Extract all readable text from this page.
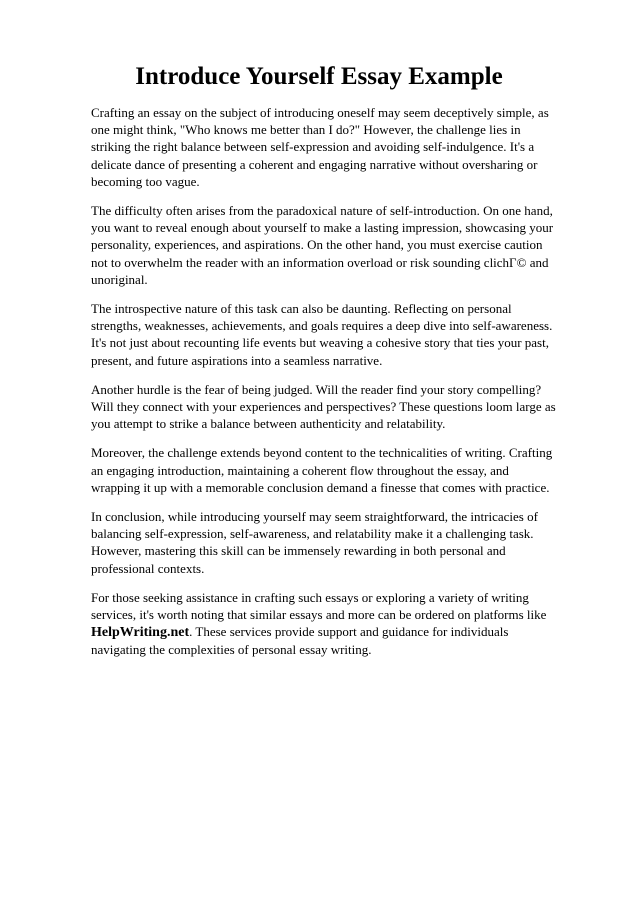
Introduce Yourself Essay Example

Crafting an essay on the subject of introducing oneself may seem deceptively simple, as one might think, "Who knows me better than I do?" However, the challenge lies in striking the right balance between self-expression and avoiding self-indulgence. It's a delicate dance of presenting a coherent and engaging narrative without oversharing or becoming too vague.

The difficulty often arises from the paradoxical nature of self-introduction. On one hand, you want to reveal enough about yourself to make a lasting impression, showcasing your personality, experiences, and aspirations. On the other hand, you must exercise caution not to overwhelm the reader with an information overload or risk sounding clichГ© and unoriginal.

The introspective nature of this task can also be daunting. Reflecting on personal strengths, weaknesses, achievements, and goals requires a deep dive into self-awareness. It's not just about recounting life events but weaving a cohesive story that ties your past, present, and future aspirations into a seamless narrative.

Another hurdle is the fear of being judged. Will the reader find your story compelling? Will they connect with your experiences and perspectives? These questions loom large as you attempt to strike a balance between authenticity and relatability.

Moreover, the challenge extends beyond content to the technicalities of writing. Crafting an engaging introduction, maintaining a coherent flow throughout the essay, and wrapping it up with a memorable conclusion demand a finesse that comes with practice.

In conclusion, while introducing yourself may seem straightforward, the intricacies of balancing self-expression, self-awareness, and relatability make it a challenging task. However, mastering this skill can be immensely rewarding in both personal and professional contexts.

For those seeking assistance in crafting such essays or exploring a variety of writing services, it's worth noting that similar essays and more can be ordered on platforms like HelpWriting.net. These services provide support and guidance for individuals navigating the complexities of personal essay writing.
